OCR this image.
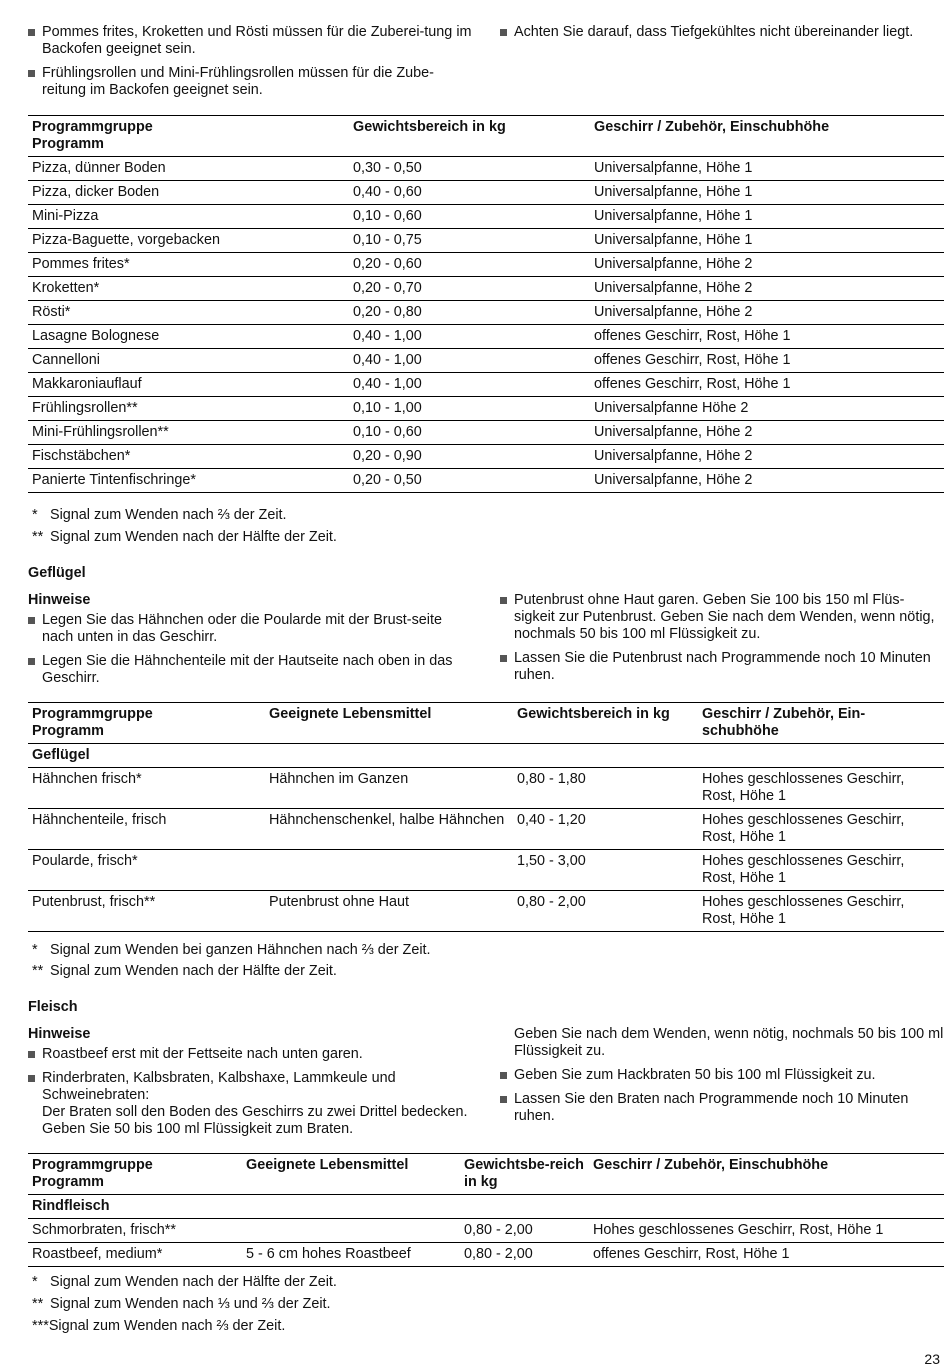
Pommes frites, Kroketten und Rösti müssen für die Zuberei-tung im Backofen geeignet sein.
Frühlingsrollen und Mini-Frühlingsrollen müssen für die Zube-reitung im Backofen geeignet sein.
Achten Sie darauf, dass Tiefgekühltes nicht übereinander liegt.
Programmgruppe
Programm	Gewichtsbereich in kg	Geschirr / Zubehör, Einschubhöhe
Pizza, dünner Boden	0,30 - 0,50	Universalpfanne, Höhe 1
Pizza, dicker Boden	0,40 - 0,60	Universalpfanne, Höhe 1
Mini-Pizza	0,10 - 0,60	Universalpfanne, Höhe 1
Pizza-Baguette, vorgebacken	0,10 - 0,75	Universalpfanne, Höhe 1
Pommes frites*	0,20 - 0,60	Universalpfanne, Höhe 2
Kroketten*	0,20 - 0,70	Universalpfanne, Höhe 2
Rösti*	0,20 - 0,80	Universalpfanne, Höhe 2
Lasagne Bolognese	0,40 - 1,00	offenes Geschirr, Rost, Höhe 1
Cannelloni	0,40 - 1,00	offenes Geschirr, Rost, Höhe 1
Makkaroniauflauf	0,40 - 1,00	offenes Geschirr, Rost, Höhe 1
Frühlingsrollen**	0,10 - 1,00	Universalpfanne Höhe 2
Mini-Frühlingsrollen**	0,10 - 0,60	Universalpfanne, Höhe 2
Fischstäbchen*	0,20 - 0,90	Universalpfanne, Höhe 2
Panierte Tintenfischringe*	0,20 - 0,50	Universalpfanne, Höhe 2
* Signal zum Wenden nach ⅔ der Zeit.
** Signal zum Wenden nach der Hälfte der Zeit.
Geflügel
Hinweise
Legen Sie das Hähnchen oder die Poularde mit der Brust-seite nach unten in das Geschirr.
Legen Sie die Hähnchenteile mit der Hautseite nach oben in das Geschirr.
Putenbrust ohne Haut garen. Geben Sie 100 bis 150 ml Flüs-sigkeit zur Putenbrust. Geben Sie nach dem Wenden, wenn nötig, nochmals 50 bis 100 ml Flüssigkeit zu.
Lassen Sie die Putenbrust nach Programmende noch 10 Minuten ruhen.
Programmgruppe
Programm	Geeignete Lebensmittel	Gewichtsbereich in kg	Geschirr / Zubehör, Ein-schubhöhe
Geflügel			
Hähnchen frisch*	Hähnchen im Ganzen	0,80 - 1,80	Hohes geschlossenes Geschirr, Rost, Höhe 1
Hähnchenteile, frisch	Hähnchenschenkel, halbe Hähnchen	0,40 - 1,20	Hohes geschlossenes Geschirr, Rost, Höhe 1
Poularde, frisch*		1,50 - 3,00	Hohes geschlossenes Geschirr, Rost, Höhe 1
Putenbrust, frisch**	Putenbrust ohne Haut	0,80 - 2,00	Hohes geschlossenes Geschirr, Rost, Höhe 1
* Signal zum Wenden bei ganzen Hähnchen nach ⅔ der Zeit.
** Signal zum Wenden nach der Hälfte der Zeit.
Fleisch
Hinweise
Roastbeef erst mit der Fettseite nach unten garen.
Rinderbraten, Kalbsbraten, Kalbshaxe, Lammkeule und Schweinebraten:
Der Braten soll den Boden des Geschirrs zu zwei Drittel bedecken. Geben Sie 50 bis 100 ml Flüssigkeit zum Braten.
Geben Sie nach dem Wenden, wenn nötig, nochmals 50 bis 100 ml Flüssigkeit zu.
Geben Sie zum Hackbraten 50 bis 100 ml Flüssigkeit zu.
Lassen Sie den Braten nach Programmende noch 10 Minuten ruhen.
Programmgruppe
Programm	Geeignete Lebensmittel	Gewichtsbe-reich in kg	Geschirr / Zubehör, Einschubhöhe
Rindfleisch			
Schmorbraten, frisch**		0,80 - 2,00	Hohes geschlossenes Geschirr, Rost, Höhe 1
Roastbeef, medium*	5 - 6 cm hohes Roastbeef	0,80 - 2,00	offenes Geschirr, Rost, Höhe 1
* Signal zum Wenden nach der Hälfte der Zeit.
** Signal zum Wenden nach ⅓ und ⅔ der Zeit.
***Signal zum Wenden nach ⅔ der Zeit.
23
